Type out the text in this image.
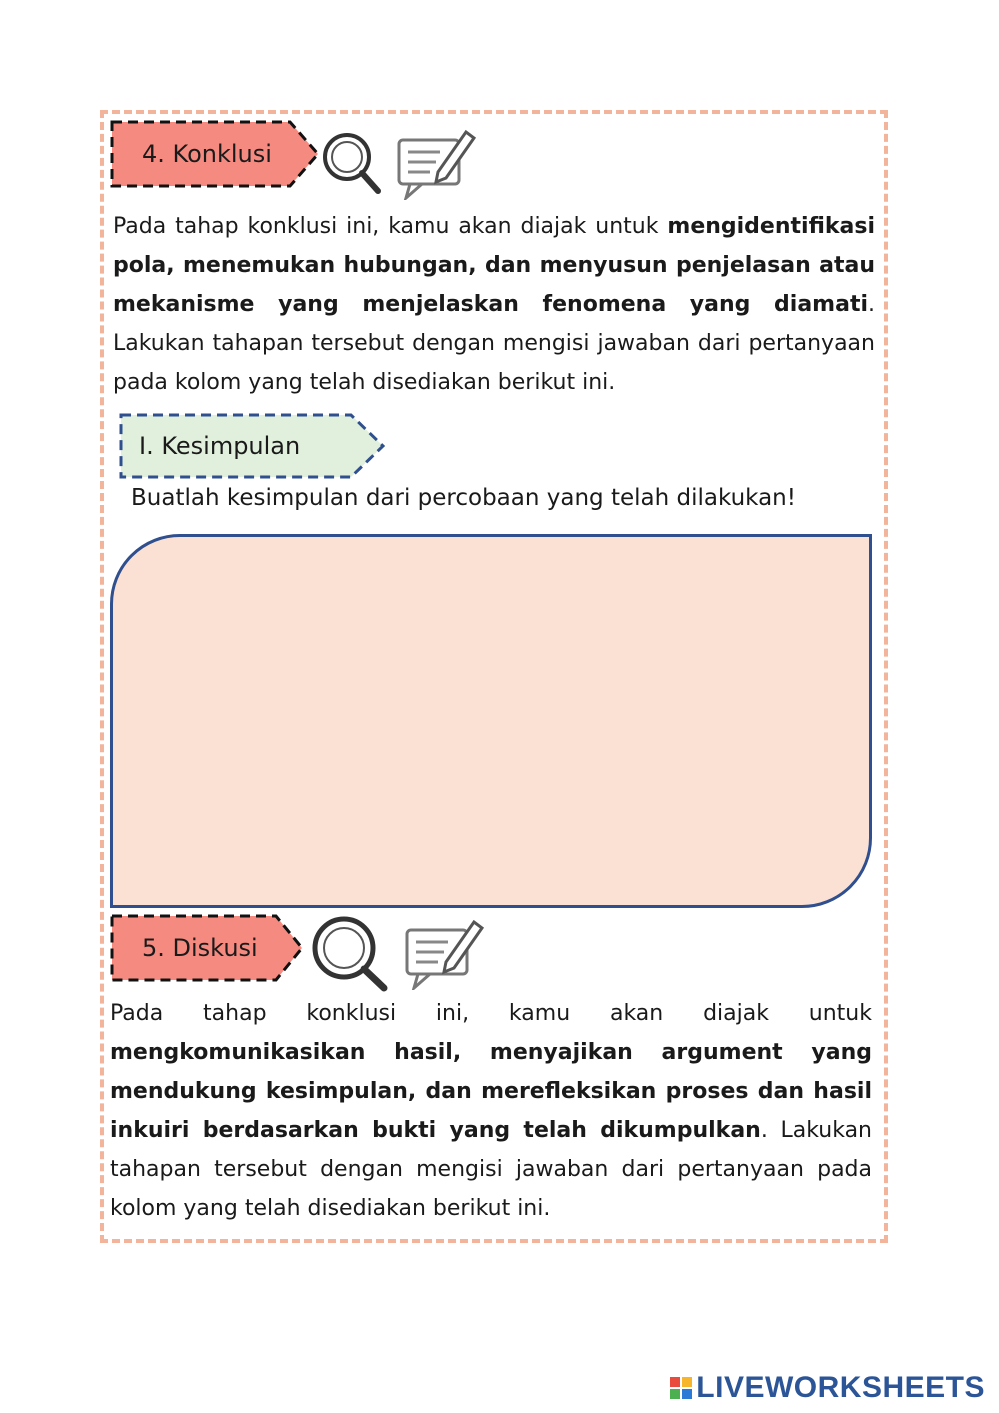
4. Konklusi

Pada tahap konklusi ini, kamu akan diajak untuk mengidentifikasi pola, menemukan hubungan, dan menyusun penjelasan atau mekanisme yang menjelaskan fenomena yang diamati. Lakukan tahapan tersebut dengan mengisi jawaban dari pertanyaan pada kolom yang telah disediakan berikut ini.

I. Kesimpulan

Buatlah kesimpulan dari percobaan yang telah dilakukan!

5. Diskusi

Pada tahap konklusi ini, kamu akan diajak untuk mengkomunikasikan hasil, menyajikan argument yang mendukung kesimpulan, dan merefleksikan proses dan hasil inkuiri berdasarkan bukti yang telah dikumpulkan. Lakukan tahapan tersebut dengan mengisi jawaban dari pertanyaan pada kolom yang telah disediakan berikut ini.

LIVEWORKSHEETS
